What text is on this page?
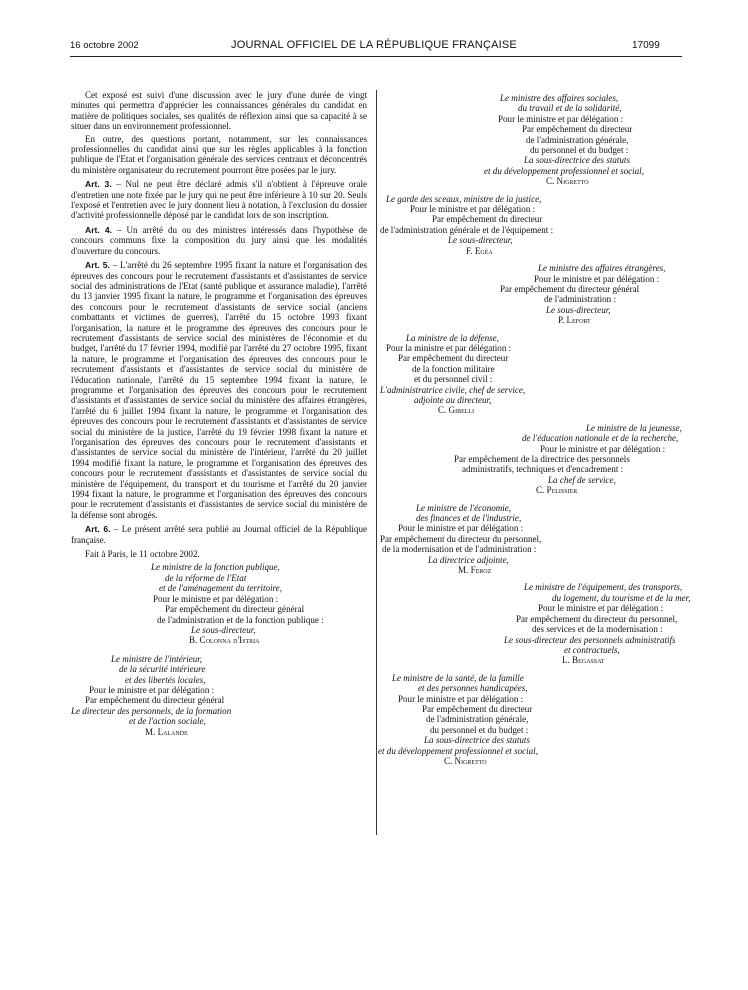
16 octobre 2002	JOURNAL OFFICIEL DE LA RÉPUBLIQUE FRANÇAISE	17099
Cet exposé est suivi d'une discussion avec le jury d'une durée de vingt minutes qui permettra d'apprécier les connaissances générales du candidat en matière de politiques sociales, ses qualités de réflexion ainsi que sa capacité à se situer dans un environnement professionnel.
En outre, des questions portant, notamment, sur les connaissances professionnelles du candidat ainsi que sur les règles applicables à la fonction publique de l'Etat et l'organisation générale des services centraux et déconcentrés du ministère organisateur du recrutement pourront être posées par le jury.
Art. 3. – Nul ne peut être déclaré admis s'il n'obtient à l'épreuve orale d'entretien une note fixée par le jury qui ne peut être inférieure à 10 sur 20. Seuls l'exposé et l'entretien avec le jury donnent lieu à notation, à l'exclusion du dossier d'activité professionnelle déposé par le candidat lors de son inscription.
Art. 4. – Un arrêté du ou des ministres intéressés dans l'hypothèse de concours communs fixe la composition du jury ainsi que les modalités d'ouverture du concours.
Art. 5. – L'arrêté du 26 septembre 1995 fixant la nature et l'organisation des épreuves des concours pour le recrutement d'assistants et d'assistantes de service social des administrations de l'Etat (santé publique et assurance maladie), l'arrêté du 13 janvier 1995 fixant la nature, le programme et l'organisation des épreuves des concours pour le recrutement d'assistants de service social (anciens combattants et victimes de guerres), l'arrêté du 15 octobre 1993 fixant l'organisation, la nature et le programme des épreuves des concours pour le recrutement d'assistants de service social des ministères de l'économie et du budget, l'arrêté du 17 février 1994, modifié par l'arrêté du 27 octobre 1995, fixant la nature, le programme et l'organisation des épreuves des concours pour le recrutement d'assistants et d'assistantes de service social du ministère de l'éducation nationale, l'arrêté du 15 septembre 1994 fixant la nature, le programme et l'organisation des épreuves des concours pour le recrutement d'assistants et d'assistantes de service social du ministère des affaires étrangères, l'arrêté du 6 juillet 1994 fixant la nature, le programme et l'organisation des épreuves des concours pour le recrutement d'assistants et d'assistantes de service social du ministère de la justice, l'arrêté du 19 février 1998 fixant la nature et l'organisation des épreuves des concours pour le recrutement d'assistants et d'assistantes de service social du ministère de l'intérieur, l'arrêté du 20 juillet 1994 modifié fixant la nature, le programme et l'organisation des épreuves des concours pour le recrutement d'assistants et d'assistantes de service social du ministère de l'équipement, du transport et du tourisme et l'arrêté du 20 janvier 1994 fixant la nature, le programme et l'organisation des épreuves des concours pour le recrutement d'assistants et d'assistantes de service social du ministère de la défense sont abrogés.
Art. 6. – Le présent arrêté sera publié au Journal officiel de la République française.
Fait à Paris, le 11 octobre 2002.
Le ministre de la fonction publique,
de la réforme de l'Etat
et de l'aménagement du territoire,
Pour le ministre et par délégation :
Par empêchement du directeur général
de l'administration et de la fonction publique :
Le sous-directeur,
B. Colonna d'Istria
Le ministre de l'intérieur,
de la sécurité intérieure
et des libertés locales,
Pour le ministre et par délégation :
Par empêchement du directeur général
Le directeur des personnels, de la formation
et de l'action sociale,
M. Lalande
Le ministre des affaires sociales,
du travail et de la solidarité,
Pour le ministre et par délégation :
Par empêchement du directeur
de l'administration générale,
du personnel et du budget :
La sous-directrice des statuts
et du développement professionnel et social,
C. Nigretto
Le garde des sceaux, ministre de la justice,
Pour le ministre et par délégation :
Par empêchement du directeur
de l'administration générale et de l'équipement :
Le sous-directeur,
F. Egéa
Le ministre des affaires étrangères,
Pour le ministre et par délégation :
Par empêchement du directeur général
de l'administration :
Le sous-directeur,
P. Lefort
La ministre de la défense,
Pour la ministre et par délégation :
Par empêchement du directeur
de la fonction militaire
et du personnel civil :
L'administratrice civile, chef de service,
adjointe au directeur,
C. Gibelli
Le ministre de la jeunesse,
de l'éducation nationale et de la recherche,
Pour le ministre et par délégation :
Par empêchement de la directrice des personnels
administratifs, techniques et d'encadrement :
La chef de service,
C. Pelissier
Le ministre de l'économie,
des finances et de l'industrie,
Pour le ministre et par délégation :
Par empêchement du directeur du personnel,
de la modernisation et de l'administration :
La directrice adjointe,
M. Feroz
Le ministre de l'équipement, des transports,
du logement, du tourisme et de la mer,
Pour le ministre et par délégation :
Par empêchement du directeur du personnel,
des services et de la modernisation :
Le sous-directeur des personnels administratifs
et contractuels,
L. Begassat
Le ministre de la santé, de la famille
et des personnes handicapées,
Pour le ministre et par délégation :
Par empêchement du directeur
de l'administration générale,
du personnel et du budget :
La sous-directrice des statuts
et du développement professionnel et social,
C. Nigretto
